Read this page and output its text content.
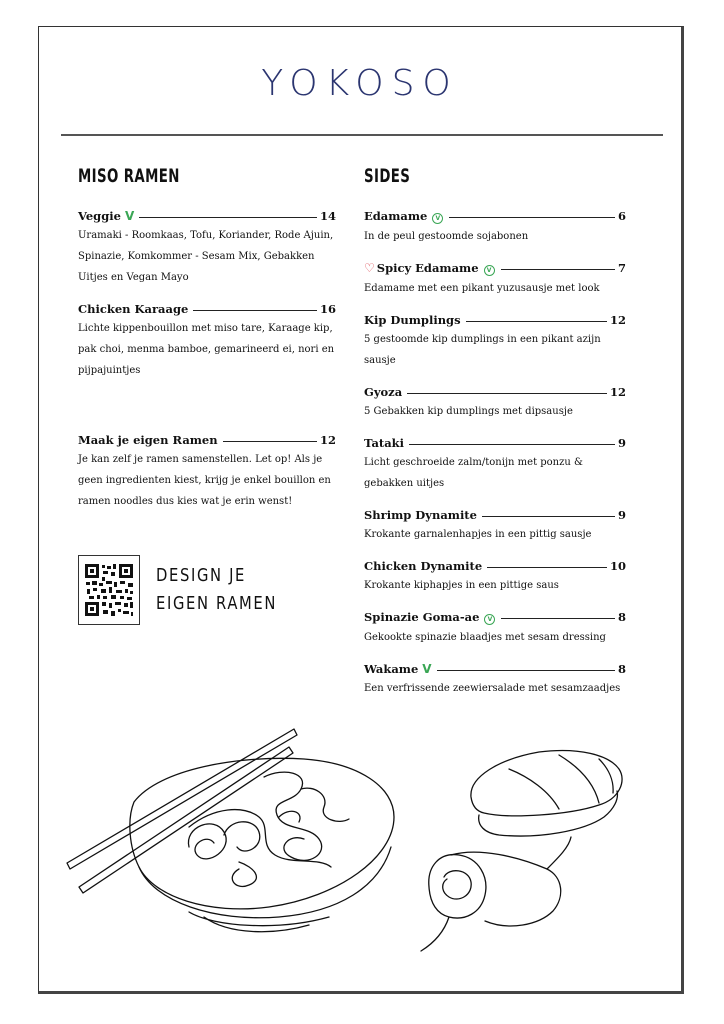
YOKOSO
MISO RAMEN
Veggie V	14
Uramaki - Roomkaas, Tofu, Koriander, Rode Ajuin, Spinazie, Komkommer - Sesam Mix, Gebakken Uitjes en Vegan Mayo
Chicken Karaage	16
Lichte kippenbouillon met miso tare, Karaage kip, pak choi, menma bamboe, gemarineerd ei, nori en pijpajuintjes
Maak je eigen Ramen	12
Je kan zelf je ramen samenstellen. Let op! Als je geen ingredienten kiest, krijg je enkel bouillon en ramen noodles dus kies wat je erin wenst!
DESIGN JE
EIGEN RAMEN
SIDES
Edamame	V	6
In de peul gestoomde sojabonen
♡ Spicy Edamame	V	7
Edamame met een pikant yuzusausje met look
Kip Dumplings	12
5 gestoomde kip dumplings in een pikant azijn sausje
Gyoza	12
5 Gebakken kip dumplings met dipsausje
Tataki	9
Licht geschroeide zalm/tonijn met ponzu & gebakken uitjes
Shrimp Dynamite	9
Krokante garnalenhapjes in een pittig sausje
Chicken Dynamite	10
Krokante kiphapjes in een pittige saus
Spinazie Goma-ae	V	8
Gekookte spinazie blaadjes met sesam dressing
Wakame V	8
Een verfrissende zeewiersalade met sesamzaadjes
